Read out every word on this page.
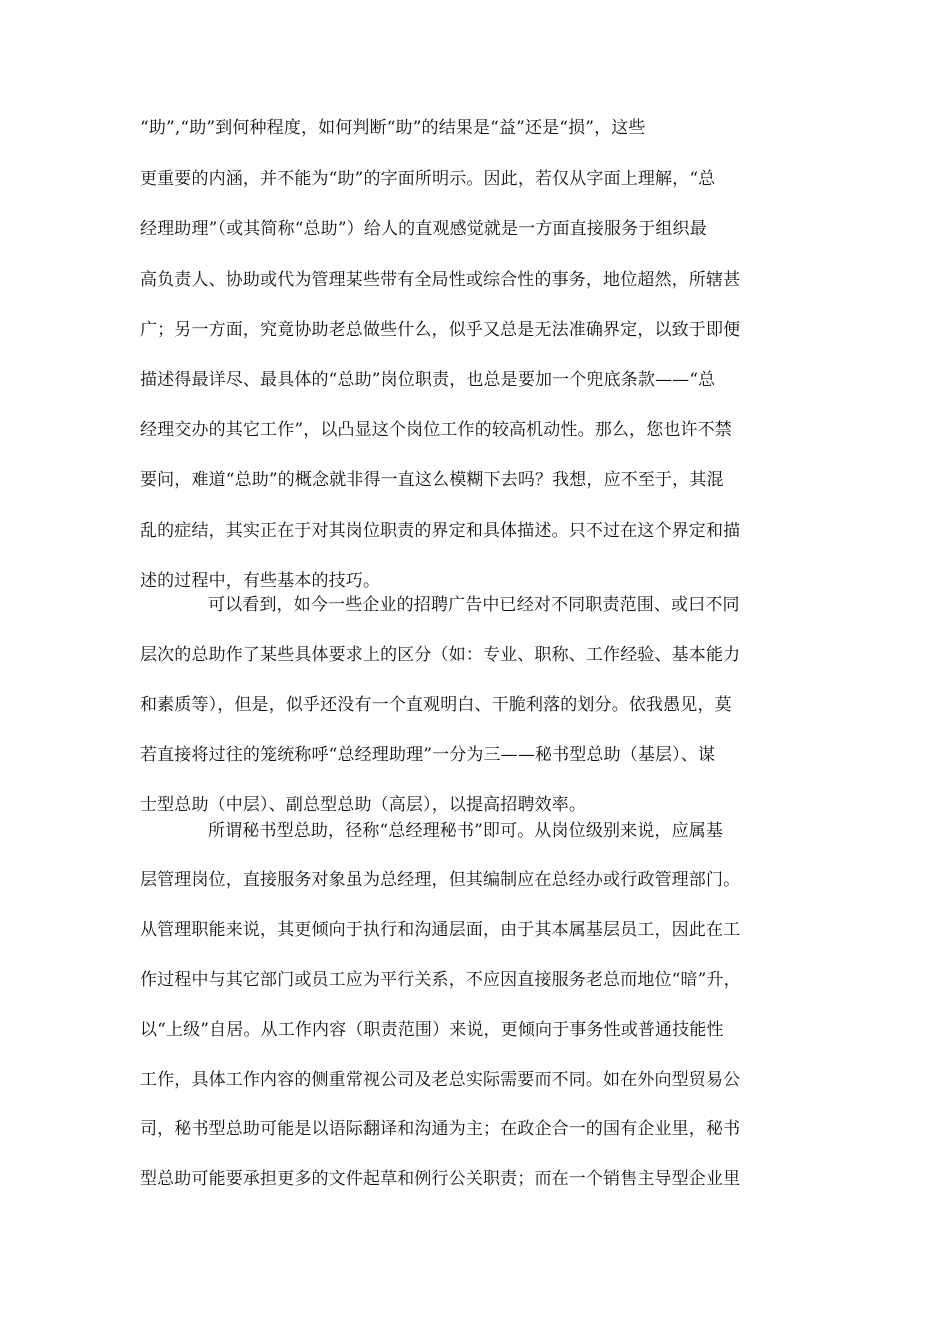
“助”,“助”到何种程度，如何判断“助”的结果是“益”还是“损”，这些
更重要的内涵，并不能为“助”的字面所明示。因此，若仅从字面上理解，“总
经理助理”（或其简称“总助”）给人的直观感觉就是一方面直接服务于组织最
高负责人、协助或代为管理某些带有全局性或综合性的事务，地位超然，所辖甚
广；另一方面，究竟协助老总做些什么，似乎又总是无法准确界定，以致于即便
描述得最详尽、最具体的“总助”岗位职责，也总是要加一个兜底条款——“总
经理交办的其它工作”，以凸显这个岗位工作的较高机动性。那么，您也许不禁
要问，难道“总助”的概念就非得一直这么模糊下去吗？我想，应不至于，其混
乱的症结，其实正在于对其岗位职责的界定和具体描述。只不过在这个界定和描
述的过程中，有些基本的技巧。
可以看到，如今一些企业的招聘广告中已经对不同职责范围、或曰不同
层次的总助作了某些具体要求上的区分（如：专业、职称、工作经验、基本能力
和素质等），但是，似乎还没有一个直观明白、干脆利落的划分。依我愚见，莫
若直接将过往的笼统称呼“总经理助理”一分为三——秘书型总助（基层）、谋
士型总助（中层）、副总型总助（高层），以提高招聘效率。
所谓秘书型总助，径称“总经理秘书”即可。从岗位级别来说，应属基
层管理岗位，直接服务对象虽为总经理，但其编制应在总经办或行政管理部门。
从管理职能来说，其更倾向于执行和沟通层面，由于其本属基层员工，因此在工
作过程中与其它部门或员工应为平行关系，不应因直接服务老总而地位“暗”升，
以“上级”自居。从工作内容（职责范围）来说，更倾向于事务性或普通技能性
工作，具体工作内容的侧重常视公司及老总实际需要而不同。如在外向型贸易公
司，秘书型总助可能是以语际翻译和沟通为主；在政企合一的国有企业里，秘书
型总助可能要承担更多的文件起草和例行公关职责；而在一个销售主导型企业里
